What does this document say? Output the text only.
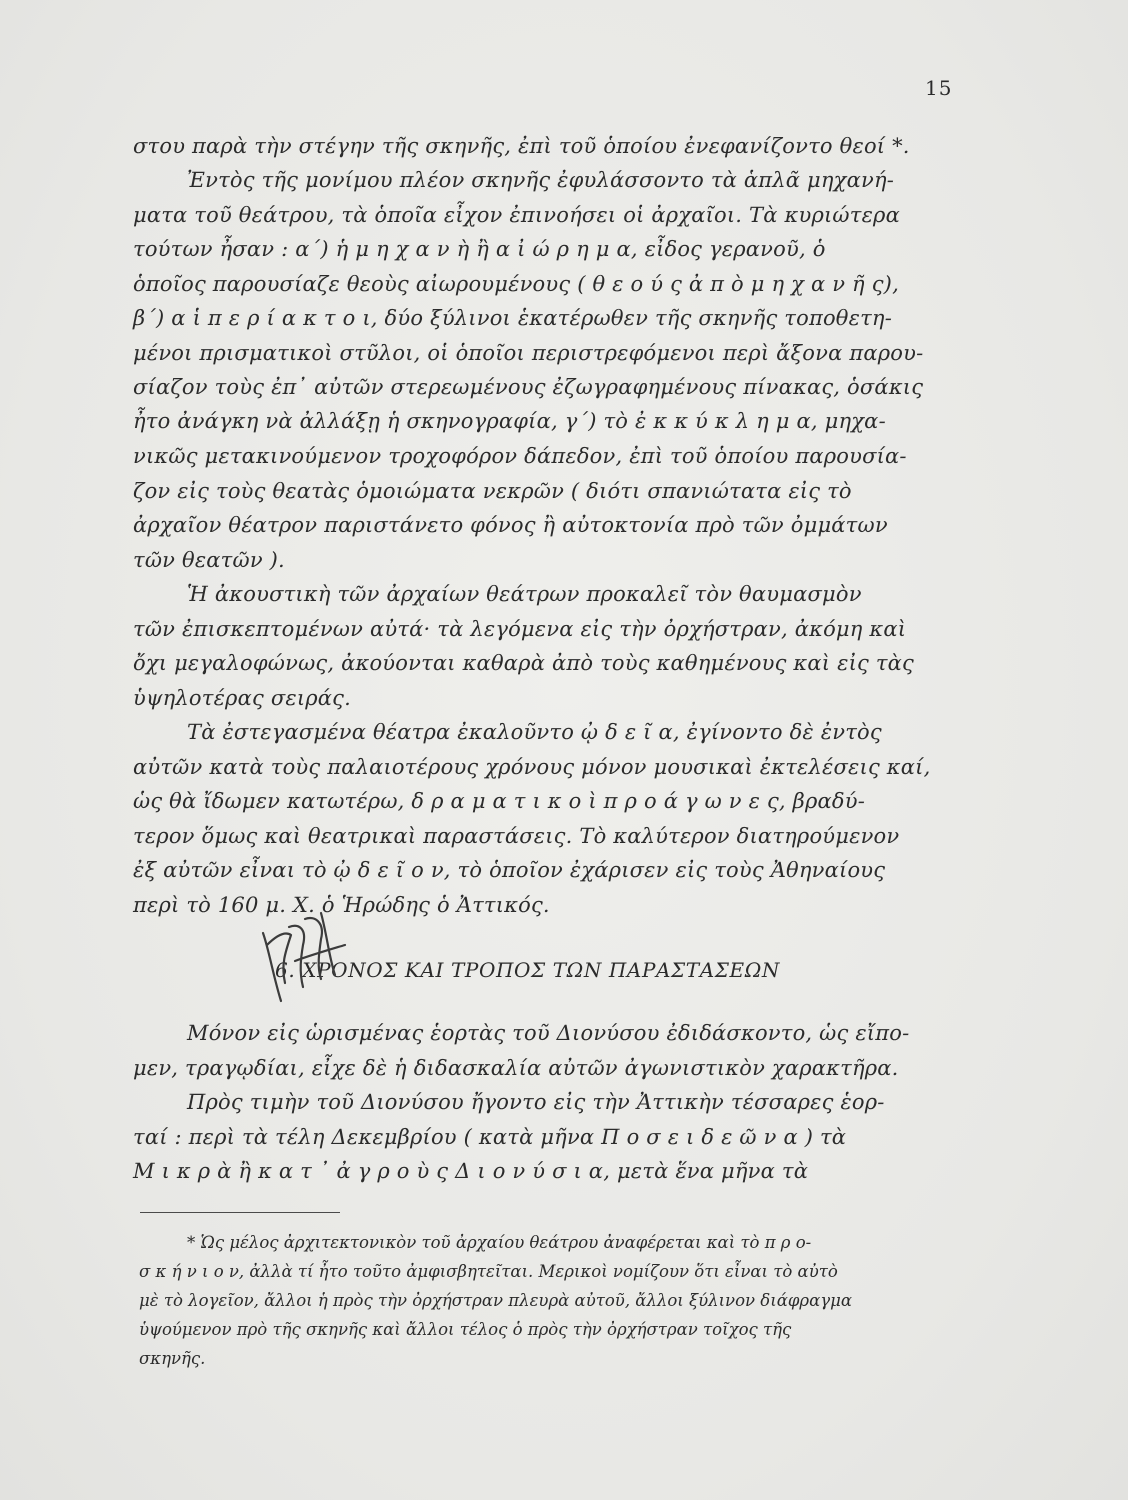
15
στου παρὰ τὴν στέγην τῆς σκηνῆς, ἐπὶ τοῦ ὁποίου ἐνεφανίζοντο θεοί *.
Ἐντὸς τῆς μονίμου πλέον σκηνῆς ἐφυλάσσοντο τὰ ἁπλᾶ μηχανή-
ματα τοῦ θεάτρου, τὰ ὁποῖα εἶχον ἐπινοήσει οἱ ἀρχαῖοι. Τὰ κυριώτερα
τούτων ἦσαν : α΄) ἡ μ η χ α ν ὴ ἢ α ἰ ώ ρ η μ α, εἶδος γερανοῦ, ὁ
ὁποῖος παρουσίαζε θεοὺς αἰωρουμένους ( θ ε ο ύ ς ἀ π ὸ μ η χ α ν ῆ ς),
β΄) α ἱ π ε ρ ί α κ τ ο ι, δύο ξύλινοι ἑκατέρωθεν τῆς σκηνῆς τοποθετη-
μένοι πρισματικοὶ στῦλοι, οἱ ὁποῖοι περιστρεφόμενοι περὶ ἄξονα παρου-
σίαζον τοὺς ἐπ᾽ αὐτῶν στερεωμένους ἐζωγραφημένους πίνακας, ὁσάκις
ἦτο ἀνάγκη νὰ ἀλλάξῃ ἡ σκηνογραφία, γ΄) τὸ ἐ κ κ ύ κ λ η μ α, μηχα-
νικῶς μετακινούμενον τροχοφόρον δάπεδον, ἐπὶ τοῦ ὁποίου παρουσία-
ζον εἰς τοὺς θεατὰς ὁμοιώματα νεκρῶν ( διότι σπανιώτατα εἰς τὸ
ἀρχαῖον θέατρον παριστάνετο φόνος ἢ αὐτοκτονία πρὸ τῶν ὀμμάτων
τῶν θεατῶν ).
Ἡ ἀκουστικὴ τῶν ἀρχαίων θεάτρων προκαλεῖ τὸν θαυμασμὸν
τῶν ἐπισκεπτομένων αὐτά· τὰ λεγόμενα εἰς τὴν ὀρχήστραν, ἀκόμη καὶ
ὄχι μεγαλοφώνως, ἀκούονται καθαρὰ ἀπὸ τοὺς καθημένους καὶ εἰς τὰς
ὑψηλοτέρας σειράς.
Τὰ ἐστεγασμένα θέατρα ἐκαλοῦντο ᾠ δ ε ῖ α, ἐγίνοντο δὲ ἐντὸς
αὐτῶν κατὰ τοὺς παλαιοτέρους χρόνους μόνον μουσικαὶ ἐκτελέσεις καί,
ὡς θὰ ἴδωμεν κατωτέρω, δ ρ α μ α τ ι κ ο ὶ π ρ ο ά γ ω ν ε ς, βραδύ-
τερον ὅμως καὶ θεατρικαὶ παραστάσεις. Τὸ καλύτερον διατηρούμενον
ἐξ αὐτῶν εἶναι τὸ ᾠ δ ε ῖ ο ν, τὸ ὁποῖον ἐχάρισεν εἰς τοὺς Ἀθηναίους
περὶ τὸ 160 μ. Χ. ὁ Ἡρώδης ὁ Ἀττικός.
6. ΧΡΟΝΟΣ ΚΑΙ ΤΡΟΠΟΣ ΤΩΝ ΠΑΡΑΣΤΑΣΕΩΝ
Μόνον εἰς ὡρισμένας ἑορτὰς τοῦ Διονύσου ἐδιδάσκοντο, ὡς εἴπο-
μεν, τραγῳδίαι, εἶχε δὲ ἡ διδασκαλία αὐτῶν ἀγωνιστικὸν χαρακτῆρα.
Πρὸς τιμὴν τοῦ Διονύσου ἤγοντο εἰς τὴν Ἀττικὴν τέσσαρες ἑορ-
ταί : περὶ τὰ τέλη Δεκεμβρίου ( κατὰ μῆνα Π ο σ ε ι δ ε ῶ ν α ) τὰ
Μ ι κ ρ ὰ ἢ κ α τ ᾽ ἀ γ ρ ο ὺ ς Δ ι ο ν ύ σ ι α, μετὰ ἕνα μῆνα τὰ
* Ὡς μέλος ἀρχιτεκτονικὸν τοῦ ἀρχαίου θεάτρου ἀναφέρεται καὶ τὸ π ρ ο-
σ κ ή ν ι ο ν, ἀλλὰ τί ἦτο τοῦτο ἀμφισβητεῖται. Μερικοὶ νομίζουν ὅτι εἶναι τὸ αὐτὸ
μὲ τὸ λογεῖον, ἄλλοι ἡ πρὸς τὴν ὀρχήστραν πλευρὰ αὐτοῦ, ἄλλοι ξύλινον διάφραγμα
ὑψούμενον πρὸ τῆς σκηνῆς καὶ ἄλλοι τέλος ὁ πρὸς τὴν ὀρχήστραν τοῖχος τῆς
σκηνῆς.
